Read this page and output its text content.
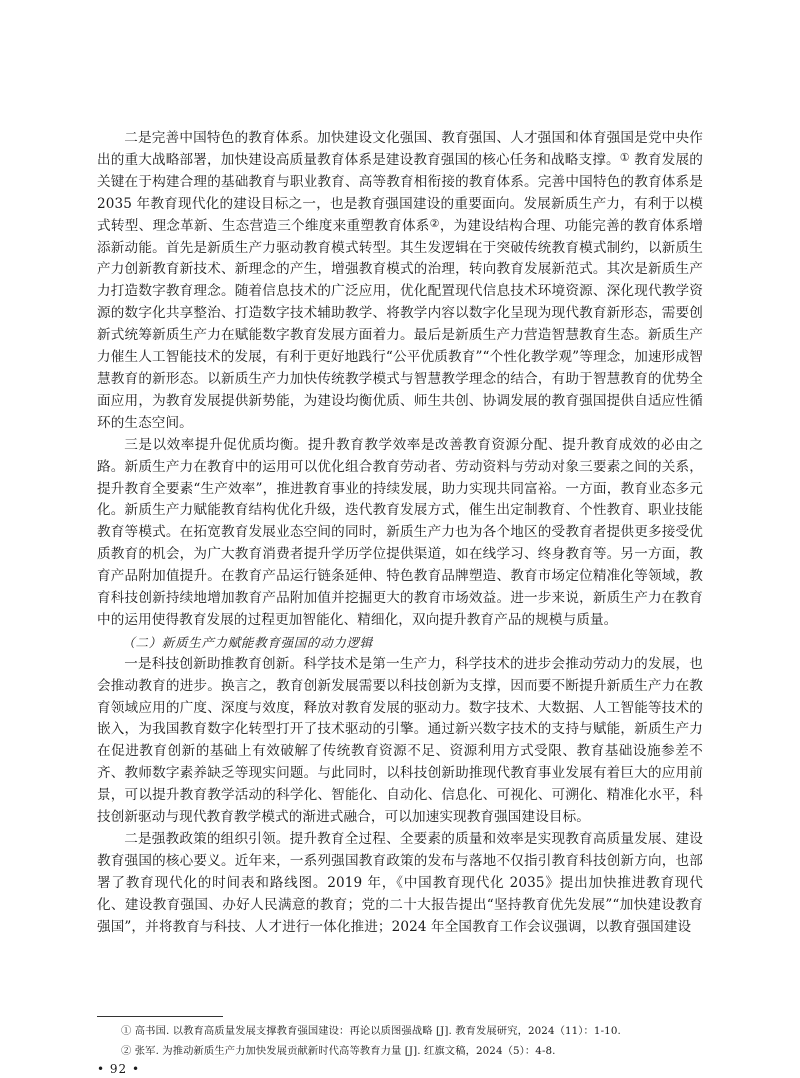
二是完善中国特色的教育体系。加快建设文化强国、教育强国、人才强国和体育强国是党中央作出的重大战略部署，加快建设高质量教育体系是建设教育强国的核心任务和战略支撑。① 教育发展的关键在于构建合理的基础教育与职业教育、高等教育相衔接的教育体系。完善中国特色的教育体系是 2035 年教育现代化的建设目标之一，也是教育强国建设的重要面向。发展新质生产力，有利于以模式转型、理念革新、生态营造三个维度来重塑教育体系②，为建设结构合理、功能完善的教育体系增添新动能。首先是新质生产力驱动教育模式转型。其生发逻辑在于突破传统教育模式制约，以新质生产力创新教育新技术、新理念的产生，增强教育模式的治理，转向教育发展新范式。其次是新质生产力打造数字教育理念。随着信息技术的广泛应用，优化配置现代信息技术环境资源、深化现代教学资源的数字化共享整治、打造数字技术辅助教学、将教学内容以数字化呈现为现代教育新形态，需要创新式统筹新质生产力在赋能数字教育发展方面着力。最后是新质生产力营造智慧教育生态。新质生产力催生人工智能技术的发展，有利于更好地践行“公平优质教育”“个性化教学观”等理念，加速形成智慧教育的新形态。以新质生产力加快传统教学模式与智慧教学理念的结合，有助于智慧教育的优势全面应用，为教育发展提供新势能，为建设均衡优质、师生共创、协调发展的教育强国提供自适应性循环的生态空间。

三是以效率提升促优质均衡。提升教育教学效率是改善教育资源分配、提升教育成效的必由之路。新质生产力在教育中的运用可以优化组合教育劳动者、劳动资料与劳动对象三要素之间的关系，提升教育全要素“生产效率”，推进教育事业的持续发展，助力实现共同富裕。一方面，教育业态多元化。新质生产力赋能教育结构优化升级，迭代教育发展方式，催生出定制教育、个性教育、职业技能教育等模式。在拓宽教育发展业态空间的同时，新质生产力也为各个地区的受教育者提供更多接受优质教育的机会，为广大教育消费者提升学历学位提供渠道，如在线学习、终身教育等。另一方面，教育产品附加值提升。在教育产品运行链条延伸、特色教育品牌塑造、教育市场定位精准化等领域，教育科技创新持续地增加教育产品附加值并挖掘更大的教育市场效益。进一步来说，新质生产力在教育中的运用使得教育发展的过程更加智能化、精细化，双向提升教育产品的规模与质量。

（二）新质生产力赋能教育强国的动力逻辑

一是科技创新助推教育创新。科学技术是第一生产力，科学技术的进步会推动劳动力的发展，也会推动教育的进步。换言之，教育创新发展需要以科技创新为支撑，因而要不断提升新质生产力在教育领域应用的广度、深度与效度，释放对教育发展的驱动力。数字技术、大数据、人工智能等技术的嵌入，为我国教育数字化转型打开了技术驱动的引擎。通过新兴数字技术的支持与赋能，新质生产力在促进教育创新的基础上有效破解了传统教育资源不足、资源利用方式受限、教育基础设施参差不齐、教师数字素养缺乏等现实问题。与此同时，以科技创新助推现代教育事业发展有着巨大的应用前景，可以提升教育教学活动的科学化、智能化、自动化、信息化、可视化、可溯化、精准化水平，科技创新驱动与现代教育教学模式的渐进式融合，可以加速实现教育强国建设目标。

二是强教政策的组织引领。提升教育全过程、全要素的质量和效率是实现教育高质量发展、建设教育强国的核心要义。近年来，一系列强国教育政策的发布与落地不仅指引教育科技创新方向，也部署了教育现代化的时间表和路线图。2019 年，《中国教育现代化 2035》提出加快推进教育现代化、建设教育强国、办好人民满意的教育；党的二十大报告提出“坚持教育优先发展”“加快建设教育强国”，并将教育与科技、人才进行一体化推进；2024 年全国教育工作会议强调，以教育强国建设

① 高书国. 以教育高质量发展支撑教育强国建设：再论以质图强战略 [J]. 教育发展研究，2024（11）：1-10.

② 张军. 为推动新质生产力加快发展贡献新时代高等教育力量 [J]. 红旗文稿，2024（5）：4-8.

• 92 •
